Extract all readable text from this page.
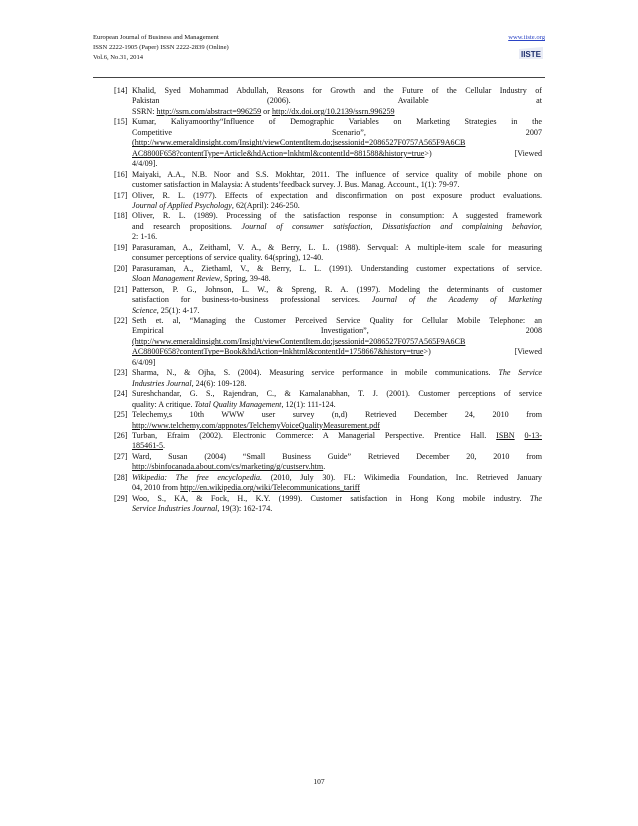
European Journal of Business and Management
ISSN 2222-1905 (Paper) ISSN 2222-2839 (Online)
Vol.6, No.31, 2014
www.iiste.org
IISTE
[14] Khalid, Syed Mohammad Abdullah, Reasons for Growth and the Future of the Cellular Industry of
Pakistan (2006). Available at
SSRN: http://ssrn.com/abstract=996259 or http://dx.doi.org/10.2139/ssrn.996259
[15] Kumar, Kaliyamoorthy“Influence of Demographic Variables on Marketing Strategies in the
Competitive Scenario”, 2007
(http://www.emeraldinsight.com/Insight/viewContentItem.do;jsessionid=2086527F0757A565F9A6CB
AC8800F658?contentType=Article&hdAction=lnkhtml&contentId=881588&history=true>) [Viewed
4/4/09].
[16] Maiyaki, A.A., N.B. Noor and S.S. Mokhtar, 2011. The influence of service quality of mobile phone on
customer satisfaction in Malaysia: A students’feedback survey. J. Bus. Manag. Account., 1(1): 79-97.
[17] Oliver, R. L. (1977). Effects of expectation and disconfirmation on post exposure product evaluations.
Journal of Applied Psychology, 62(April): 246-250.
[18] Oliver, R. L. (1989). Processing of the satisfaction response in consumption: A suggested framework
and research propositions. Journal of consumer satisfaction, Dissatisfaction and complaining behavior,
2: 1-16.
[19] Parasuraman, A., Zeithaml, V. A., & Berry, L. L. (1988). Servqual: A multiple-item scale for measuring
consumer perceptions of service quality. 64(spring), 12-40.
[20] Parasuraman, A., Ziethaml, V., & Berry, L. L. (1991). Understanding customer expectations of service.
Sloan Management Review, Spring, 39-48.
[21] Patterson, P. G., Johnson, L. W., & Spreng, R. A. (1997). Modeling the determinants of customer
satisfaction for business-to-business professional services. Journal of the Academy of Marketing
Science, 25(1): 4-17.
[22] Seth et. al, “Managing the Customer Perceived Service Quality for Cellular Mobile Telephone: an
Empirical Investigation”, 2008
(http://www.emeraldinsight.com/Insight/viewContentItem.do;jsessionid=2086527F0757A565F9A6CB
AC8800F658?contentType=Book&hdAction=lnkhtml&contentId=1758667&history=true>) [Viewed
6/4/09]
[23] Sharma, N., & Ojha, S. (2004). Measuring service performance in mobile communications. The Service
Industries Journal, 24(6): 109-128.
[24] Sureshchandar, G. S., Rajendran, C., & Kamalanabhan, T. J. (2001). Customer perceptions of service
quality: A critique. Total Quality Management, 12(1): 111-124.
[25] Telechemy,s 10th WWW user survey (n,d) Retrieved December 24, 2010 from
http://www.telchemy.com/appnotes/TelchemyVoiceQualityMeasurement.pdf
[26] Turban, Efraim (2002). Electronic Commerce: A Managerial Perspective. Prentice Hall. ISBN 0-13-
185461-5.
[27] Ward, Susan (2004) “Small Business Guide” Retrieved December 20, 2010 from
http://sbinfocanada.about.com/cs/marketing/g/custserv.htm.
[28] Wikipedia: The free encyclopedia. (2010, July 30). FL: Wikimedia Foundation, Inc. Retrieved January
04, 2010 from http://en.wikipedia.org/wiki/Telecommunications_tariff
[29] Woo, S., KA, & Fock, H., K.Y. (1999). Customer satisfaction in Hong Kong mobile industry. The
Service Industries Journal, 19(3): 162-174.
107
